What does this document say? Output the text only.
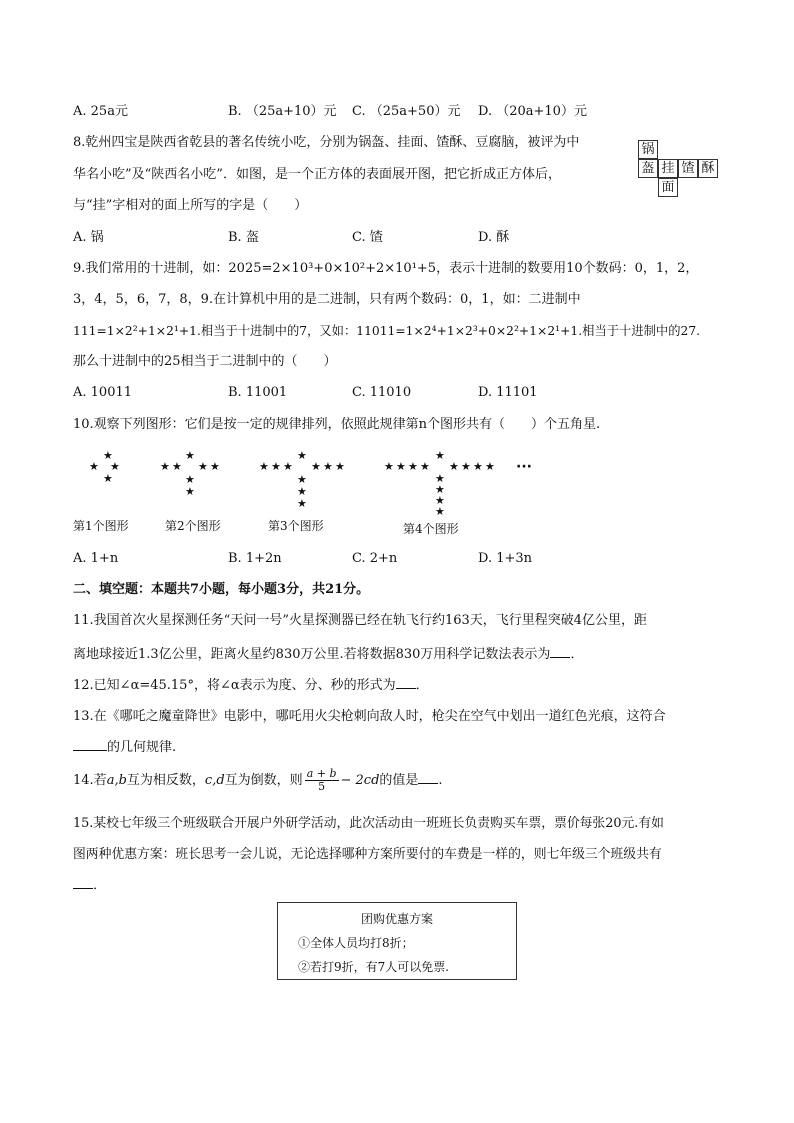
A. 25a元	B. （25a+10）元 C. （25a+50）元 D. （20a+10）元
8.乾州四宝是陕西省乾县的著名传统小吃，分别为锅盔、挂面、馇酥、豆腐脑，被评为中
华名小吃”及“陕西名小吃”．如图，是一个正方体的表面展开图，把它折成正方体后，
与“挂”字相对的面上所写的字是（　　）
锅
盔 挂 馇 酥
面
A. 锅	B. 盔	C. 馇	D. 酥
9.我们常用的十进制，如：2025=2×10³+0×10²+2×10¹+5，表示十进制的数要用10个数码：0，1，2，
3，4，5，6，7，8，9.在计算机中用的是二进制，只有两个数码：0，1，如：二进制中
111=1×2²+1×2¹+1.相当于十进制中的7，又如：11011=1×2⁴+1×2³+0×2²+1×2¹+1.相当于十进制中的27.
那么十进制中的25相当于二进制中的（　　）
A. 10011	B. 11001	C. 11010	D. 11101
10.观察下列图形：它们是按一定的规律排列，依照此规律第n个图形共有（　　）个五角星.
★
★ ★
★
★
★ ★ ★ ★
★
★
★
★ ★ ★ ★ ★ ★
★
★
★
★
★ ★ ★ ★ ★ ★ ★ ★
★
★
★
★
···
第1个图形	第2个图形	第3个图形	第4个图形
A. 1+n	B. 1+2n	C. 2+n	D. 1+3n
二、填空题：本题共7小题，每小题3分，共21分。
11.我国首次火星探测任务“天问一号”火星探测器已经在轨飞行约163天，飞行里程突破4亿公里，距
离地球接近1.3亿公里，距离火星约830万公里.若将数据830万用科学记数法表示为 ．
12.已知∠α=45.15°，将∠α表示为度、分、秒的形式为 ．
13.在《哪吒之魔童降世》电影中，哪吒用火尖枪刺向敌人时，枪尖在空气中划出一道红色光痕，这符合
的几何规律.
14.若a,b互为相反数，c,d互为倒数，则 $\frac{a + b}{5} - 2cd$的值是 .
15.某校七年级三个班级联合开展户外研学活动，此次活动由一班班长负责购买车票，票价每张20元.有如
图两种优惠方案：班长思考一会儿说，无论选择哪种方案所要付的车费是一样的，则七年级三个班级共有
．
团购优惠方案
①全体人员均打8折；
②若打9折，有7人可以免票.
